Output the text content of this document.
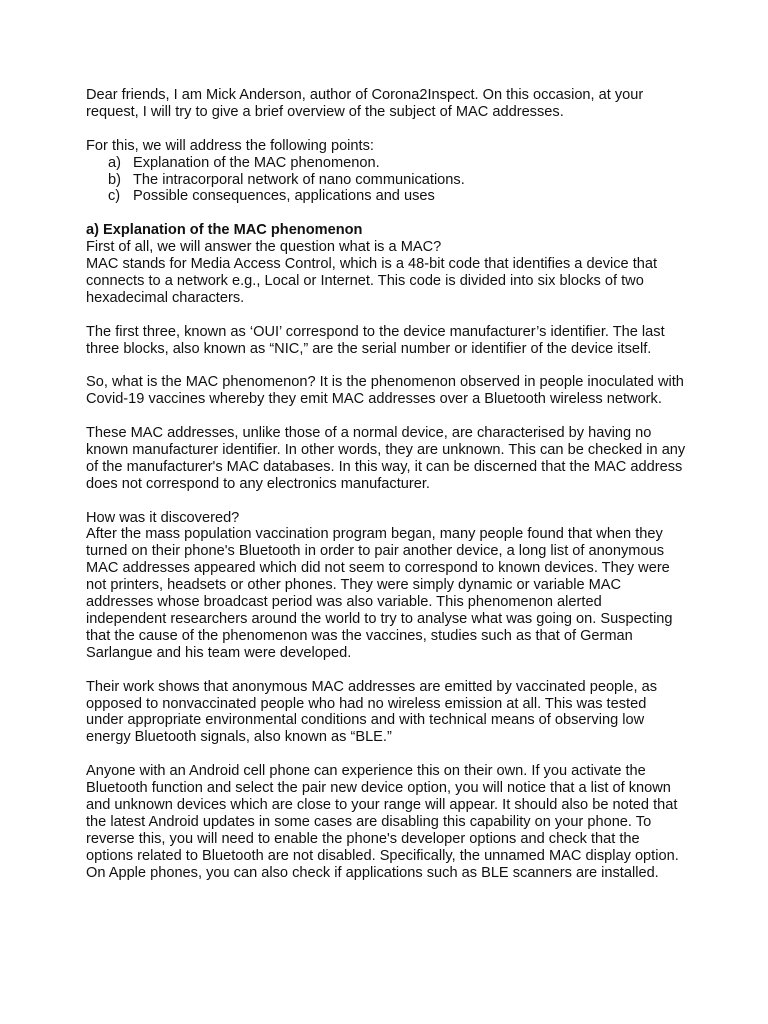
Dear friends, I am Mick Anderson, author of Corona2Inspect. On this occasion, at your request, I will try to give a brief overview of the subject of MAC addresses.

For this, we will address the following points:

a) Explanation of the MAC phenomenon.
b) The intracorporal network of nano communications.
c) Possible consequences, applications and uses

a) Explanation of the MAC phenomenon

First of all, we will answer the question what is a MAC?

MAC stands for Media Access Control, which is a 48-bit code that identifies a device that connects to a network e.g., Local or Internet. This code is divided into six blocks of two hexadecimal characters.

The first three, known as ‘OUI’ correspond to the device manufacturer’s identifier. The last three blocks, also known as “NIC,” are the serial number or identifier of the device itself.

So, what is the MAC phenomenon? It is the phenomenon observed in people inoculated with Covid-19 vaccines whereby they emit MAC addresses over a Bluetooth wireless network.

These MAC addresses, unlike those of a normal device, are characterised by having no known manufacturer identifier. In other words, they are unknown. This can be checked in any of the manufacturer's MAC databases. In this way, it can be discerned that the MAC address does not correspond to any electronics manufacturer.

How was it discovered?

After the mass population vaccination program began, many people found that when they turned on their phone's Bluetooth in order to pair another device, a long list of anonymous MAC addresses appeared which did not seem to correspond to known devices. They were not printers, headsets or other phones. They were simply dynamic or variable MAC addresses whose broadcast period was also variable. This phenomenon alerted independent researchers around the world to try to analyse what was going on. Suspecting that the cause of the phenomenon was the vaccines, studies such as that of German Sarlangue and his team were developed.

Their work shows that anonymous MAC addresses are emitted by vaccinated people, as opposed to nonvaccinated people who had no wireless emission at all. This was tested under appropriate environmental conditions and with technical means of observing low energy Bluetooth signals, also known as “BLE.”

Anyone with an Android cell phone can experience this on their own. If you activate the Bluetooth function and select the pair new device option, you will notice that a list of known and unknown devices which are close to your range will appear. It should also be noted that the latest Android updates in some cases are disabling this capability on your phone. To reverse this, you will need to enable the phone's developer options and check that the options related to Bluetooth are not disabled. Specifically, the unnamed MAC display option. On Apple phones, you can also check if applications such as BLE scanners are installed.
